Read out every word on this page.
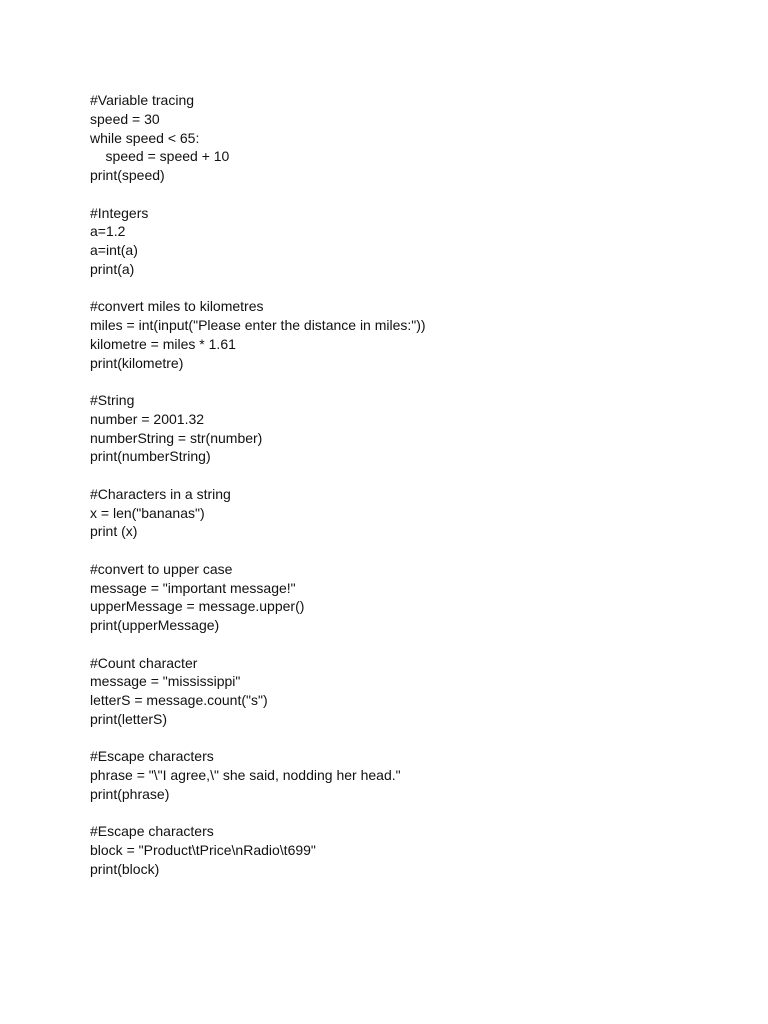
#Variable tracing
speed = 30
while speed < 65:
speed = speed + 10
print(speed)
#Integers
a=1.2
a=int(a)
print(a)
#convert miles to kilometres
miles = int(input("Please enter the distance in miles:"))
kilometre = miles * 1.61
print(kilometre)
#String
number = 2001.32
numberString = str(number)
print(numberString)
#Characters in a string
x = len("bananas")
print (x)
#convert to upper case
message = "important message!"
upperMessage = message.upper()
print(upperMessage)
#Count character
message = "mississippi"
letterS = message.count("s")
print(letterS)
#Escape characters
phrase = "\"I agree,\" she said, nodding her head."
print(phrase)
#Escape characters
block = "Product\tPrice\nRadio\t699"
print(block)
